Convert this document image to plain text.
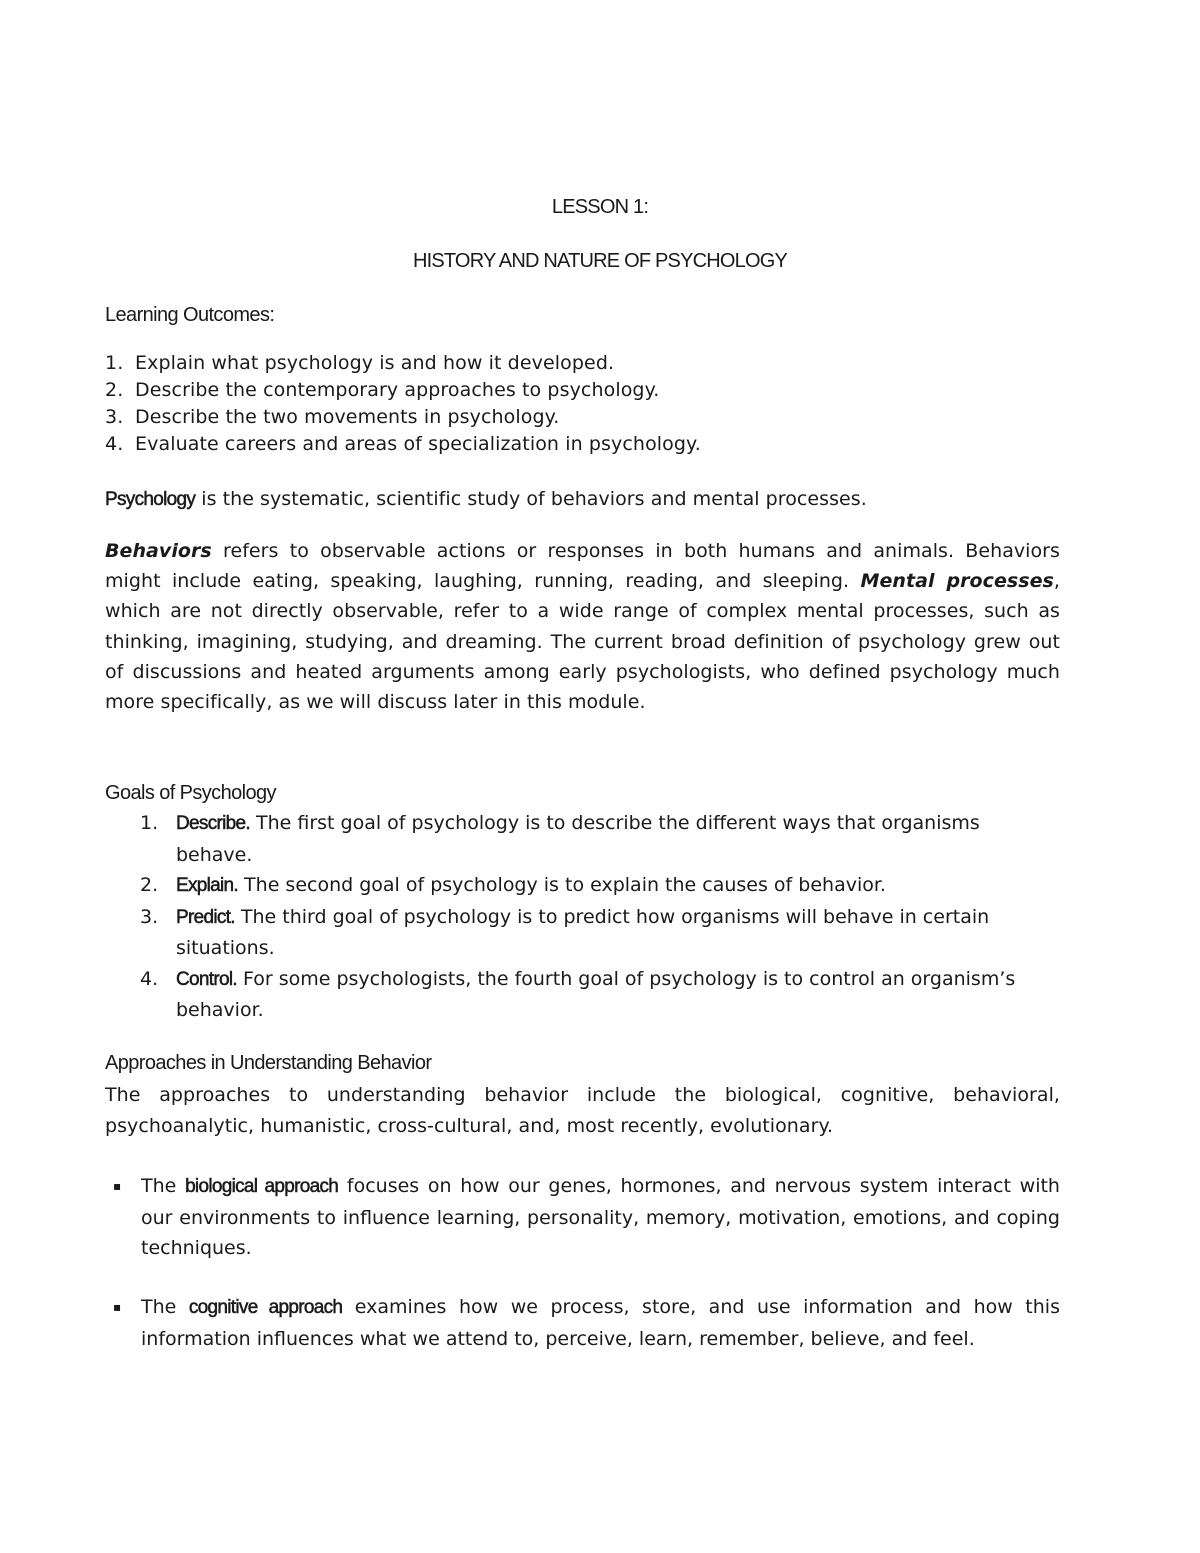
LESSON 1:
HISTORY AND NATURE OF PSYCHOLOGY
Learning Outcomes:
1. Explain what psychology is and how it developed.
2. Describe the contemporary approaches to psychology.
3. Describe the two movements in psychology.
4. Evaluate careers and areas of specialization in psychology.
Psychology is the systematic, scientific study of behaviors and mental processes.
Behaviors refers to observable actions or responses in both humans and animals. Behaviors might include eating, speaking, laughing, running, reading, and sleeping. Mental processes, which are not directly observable, refer to a wide range of complex mental processes, such as thinking, imagining, studying, and dreaming. The current broad definition of psychology grew out of discussions and heated arguments among early psychologists, who defined psychology much more specifically, as we will discuss later in this module.
Goals of Psychology
1. Describe. The first goal of psychology is to describe the different ways that organisms behave.
2. Explain. The second goal of psychology is to explain the causes of behavior.
3. Predict. The third goal of psychology is to predict how organisms will behave in certain situations.
4. Control. For some psychologists, the fourth goal of psychology is to control an organism’s behavior.
Approaches in Understanding Behavior
The approaches to understanding behavior include the biological, cognitive, behavioral, psychoanalytic, humanistic, cross-cultural, and, most recently, evolutionary.
▪ The biological approach focuses on how our genes, hormones, and nervous system interact with our environments to influence learning, personality, memory, motivation, emotions, and coping techniques.
▪ The cognitive approach examines how we process, store, and use information and how this information influences what we attend to, perceive, learn, remember, believe, and feel.
